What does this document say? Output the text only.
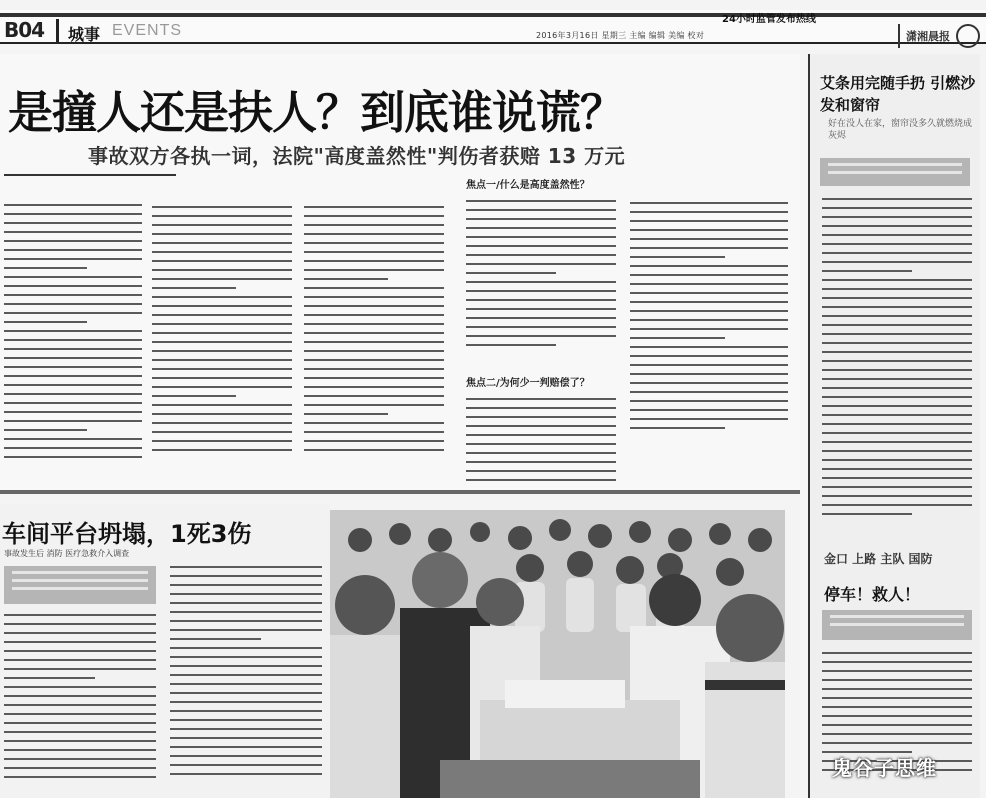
B04 城事 EVENTS
24小时监管发布热线
2016年3月16日 星期三 主编 编辑 美编 校对	潇湘晨报
是撞人还是扶人？到底谁说谎？
事故双方各执一词，法院"高度盖然性"判伤者获赔 13 万元
焦点一/什么是高度盖然性？
焦点二/为何少一判赔偿了？
艾条用完随手扔 引燃沙发和窗帘
好在没人在家，窗帘没多久就燃烧成灰烬
金口 上路 主队 国防
停车！救人！
车间平台坍塌，1死3伤
事故发生后 消防 医疗急救介入调查
鬼谷子思维
